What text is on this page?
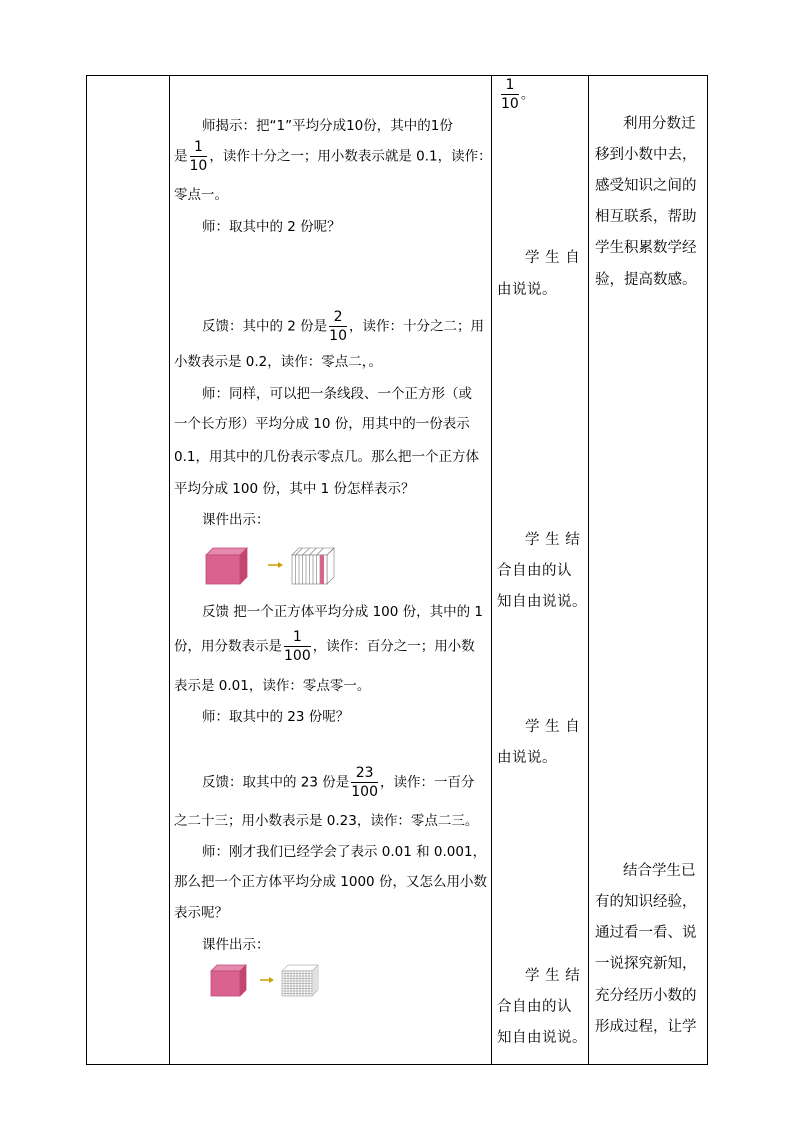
师揭示：把“1”平均分成10份，其中的1份
是 $\frac{1}{10}$ ，读作十分之一；用小数表示就是 0.1，读作：
零点一。
师：取其中的 2 份呢？
反馈：其中的 2 份是 $\frac{2}{10}$ ，读作：十分之二；用
小数表示是 0.2，读作：零点二，。
师：同样，可以把一条线段、一个正方形（或
一个长方形）平均分成 10 份，用其中的一份表示
0.1，用其中的几份表示零点几。那么把一个正方体
平均分成 100 份，其中 1 份怎样表示？
课件出示：
反馈 把一个正方体平均分成 100 份，其中的 1
份，用分数表示是 $\frac{1}{100}$ ，读作：百分之一；用小数
表示是 0.01，读作：零点零一。
师：取其中的 23 份呢？
反馈：取其中的 23 份是 $\frac{23}{100}$ ，读作：一百分
之二十三；用小数表示是 0.23，读作：零点二三。
师：刚才我们已经学会了表示 0.01 和 0.001，
那么把一个正方体平均分成 1000 份，又怎么用小数
表示呢？
课件出示：
$\frac{1}{10}$ 。
学 生 自
由说说。
学 生 结
合自由的认
知自由说说。
学 生 自
由说说。
学 生 结
合自由的认
知自由说说。
利用分数迁
移到小数中去，
感受知识之间的
相互联系，帮助
学生积累数学经
验，提高数感。
结合学生已
有的知识经验，
通过看一看、说
一说探究新知，
充分经历小数的
形成过程，让学
